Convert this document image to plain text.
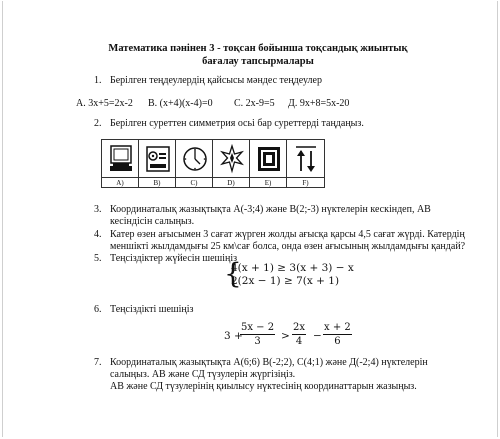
Математика пәнінен 3 - тоқсан бойынша тоқсандық жиынтық бағалау тапсырмалары
1. Берілген теңдеулердің қайсысы мәндес теңдеулер
А. 3x+5=2x-2 В. (x+4)(x-4)=0 С. 2x-9=5 Д. 9x+8=5x-20
2. Берілген суреттен симметрия осьі бар суреттерді таңдаңыз.
A)	B)	C)	D)	E)	F)
3. Координаталық жазықтықта А(-3;4) және В(2;-3) нүктелерін кескіндеп, АВ
кесіндісін салыңыз.
4. Катер өзен ағысымен 3 сағат жүрген жолды ағысқа қарсы 4,5 сағат жүрді. Катердің
меншікті жылдамдығы 25 км\сағ болса, онда өзен ағысының жылдамдығы қандай?
5. Теңсіздіктер жүйесін шешіңіз
{
4(x + 1) ≥ 3(x + 3) − x
2(2x − 1) ≥ 7(x + 1)
6. Теңсіздікті шешіңіз
3 +
$\frac{5x - 2}{3} > \frac{2x}{4} - \frac{x + 2}{6}$
7. Координаталық жазықтықта А(6;6) В(-2;2), С(4;1) және Д(-2;4) нүктелерін
салыңыз. АВ және СД түзулерін жүргізіңіз.
АВ және СД түзулерінің қиылысу нүктесінің координаттарын жазыңыз.
